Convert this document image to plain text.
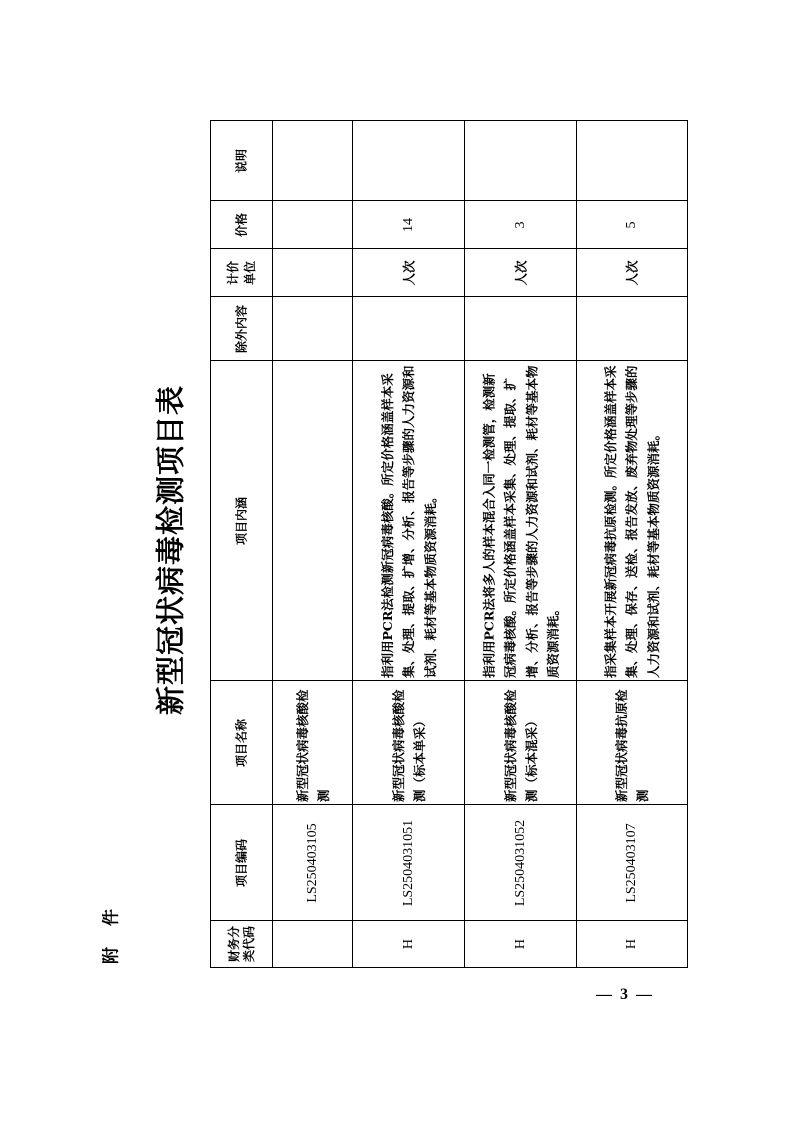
附
件
新型冠状病毒检测项目表
说明
价格
计价单位
除外内容
项目内涵
项目名称
项目编码
财务分类代码
新型冠状病毒核酸检测
LS250403105
14
人次
指利用PCR法检测新冠病毒核酸。所定价格涵盖样本采集、处理、提取、扩增、分析、报告等步骤的人力资源和试剂、耗材等基本物质资源消耗。
新型冠状病毒核酸检测（标本单采）
LS2504031051
H
3
人次
指利用PCR法将多人的样本混合入同一检测管，检测新冠病毒核酸。所定价格涵盖样本采集、处理、提取、扩增、分析、报告等步骤的人力资源和试剂、耗材等基本物质资源消耗。
新型冠状病毒核酸检测（标本混采）
LS2504031052
H
5
人次
指采集样本开展新冠病毒抗原检测。所定价格涵盖样本采集、处理、保存、送检、报告发放、废弃物处理等步骤的人力资源和试剂、耗材等基本物质资源消耗。
新型冠状病毒抗原检测
LS250403107
H
— 3 —
